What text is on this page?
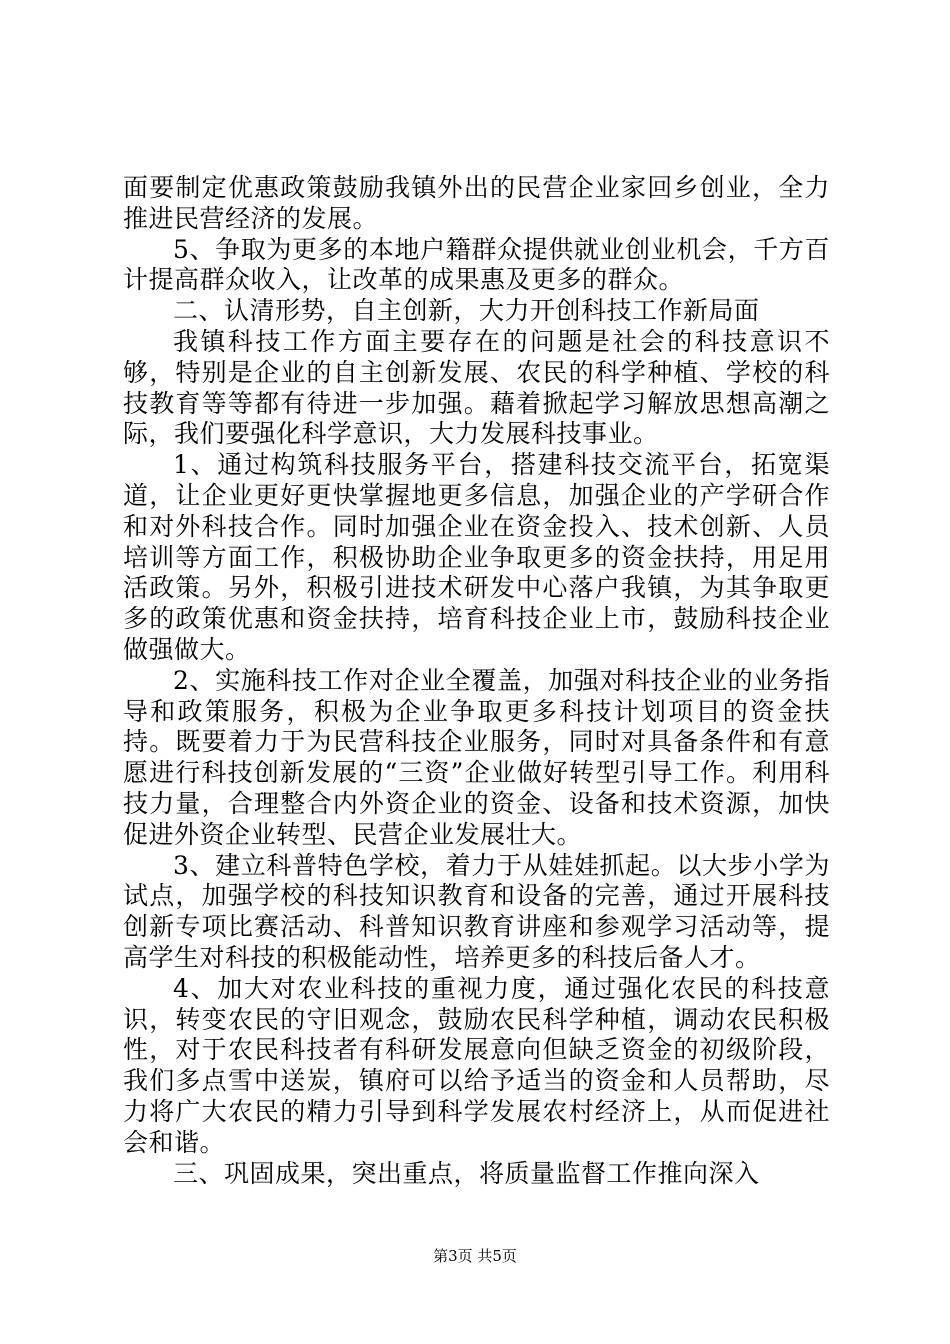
面要制定优惠政策鼓励我镇外出的民营企业家回乡创业，全力推进民营经济的发展。

5、争取为更多的本地户籍群众提供就业创业机会，千方百计提高群众收入，让改革的成果惠及更多的群众。

二、认清形势，自主创新，大力开创科技工作新局面

我镇科技工作方面主要存在的问题是社会的科技意识不够，特别是企业的自主创新发展、农民的科学种植、学校的科技教育等等都有待进一步加强。藉着掀起学习解放思想高潮之际，我们要强化科学意识，大力发展科技事业。

1、通过构筑科技服务平台，搭建科技交流平台，拓宽渠道，让企业更好更快掌握地更多信息，加强企业的产学研合作和对外科技合作。同时加强企业在资金投入、技术创新、人员培训等方面工作，积极协助企业争取更多的资金扶持，用足用活政策。另外，积极引进技术研发中心落户我镇，为其争取更多的政策优惠和资金扶持，培育科技企业上市，鼓励科技企业做强做大。

2、实施科技工作对企业全覆盖，加强对科技企业的业务指导和政策服务，积极为企业争取更多科技计划项目的资金扶持。既要着力于为民营科技企业服务，同时对具备条件和有意愿进行科技创新发展的“三资”企业做好转型引导工作。利用科技力量，合理整合内外资企业的资金、设备和技术资源，加快促进外资企业转型、民营企业发展壮大。

3、建立科普特色学校，着力于从娃娃抓起。以大步小学为试点，加强学校的科技知识教育和设备的完善，通过开展科技创新专项比赛活动、科普知识教育讲座和参观学习活动等，提高学生对科技的积极能动性，培养更多的科技后备人才。

4、加大对农业科技的重视力度，通过强化农民的科技意识，转变农民的守旧观念，鼓励农民科学种植，调动农民积极性，对于农民科技者有科研发展意向但缺乏资金的初级阶段，我们多点雪中送炭，镇府可以给予适当的资金和人员帮助，尽力将广大农民的精力引导到科学发展农村经济上，从而促进社会和谐。

三、巩固成果，突出重点，将质量监督工作推向深入

第3页 共5页
